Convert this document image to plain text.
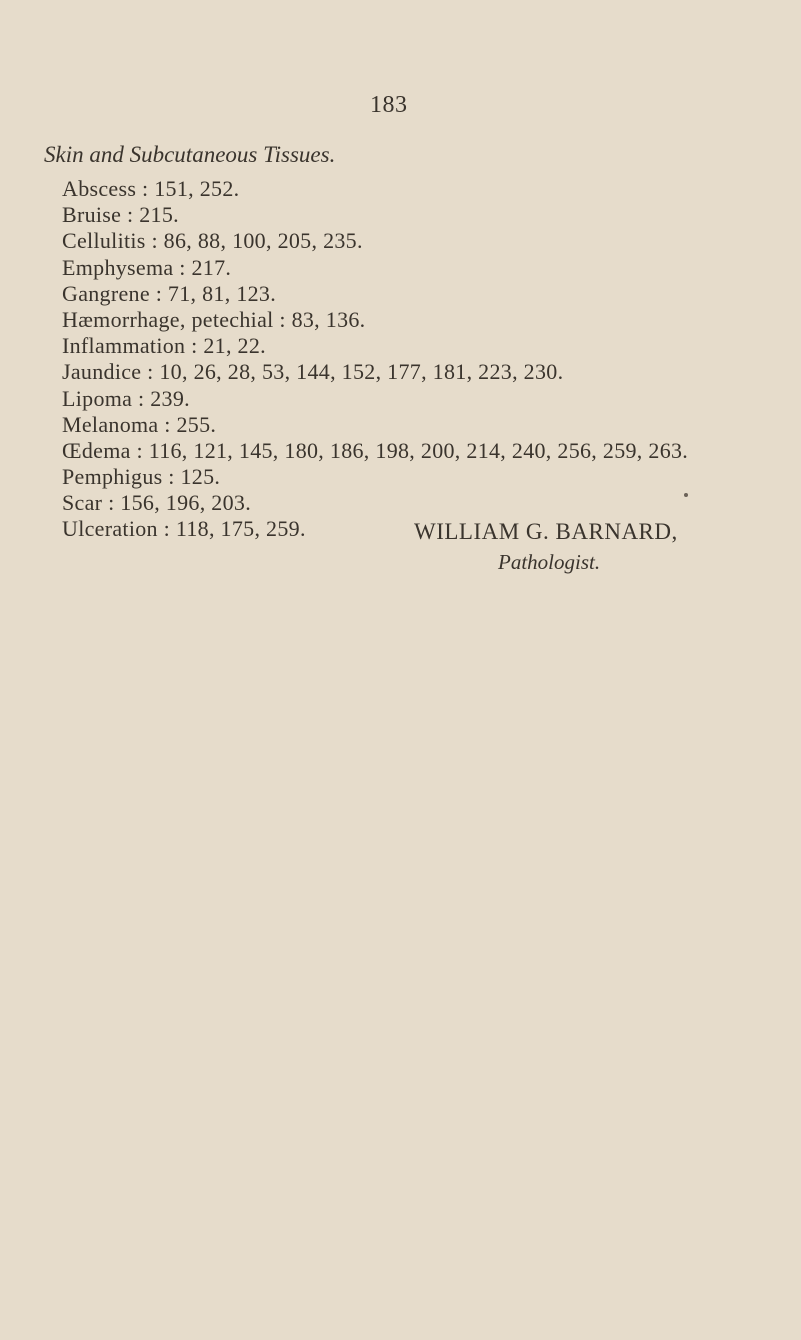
183
Skin and Subcutaneous Tissues.
Abscess : 151, 252.
Bruise : 215.
Cellulitis : 86, 88, 100, 205, 235.
Emphysema : 217.
Gangrene : 71, 81, 123.
Hæmorrhage, petechial : 83, 136.
Inflammation : 21, 22.
Jaundice : 10, 26, 28, 53, 144, 152, 177, 181, 223, 230.
Lipoma : 239.
Melanoma : 255.
Œdema : 116, 121, 145, 180, 186, 198, 200, 214, 240, 256, 259, 263.
Pemphigus : 125.
Scar : 156, 196, 203.
Ulceration : 118, 175, 259.	WILLIAM G. BARNARD,
Pathologist.
